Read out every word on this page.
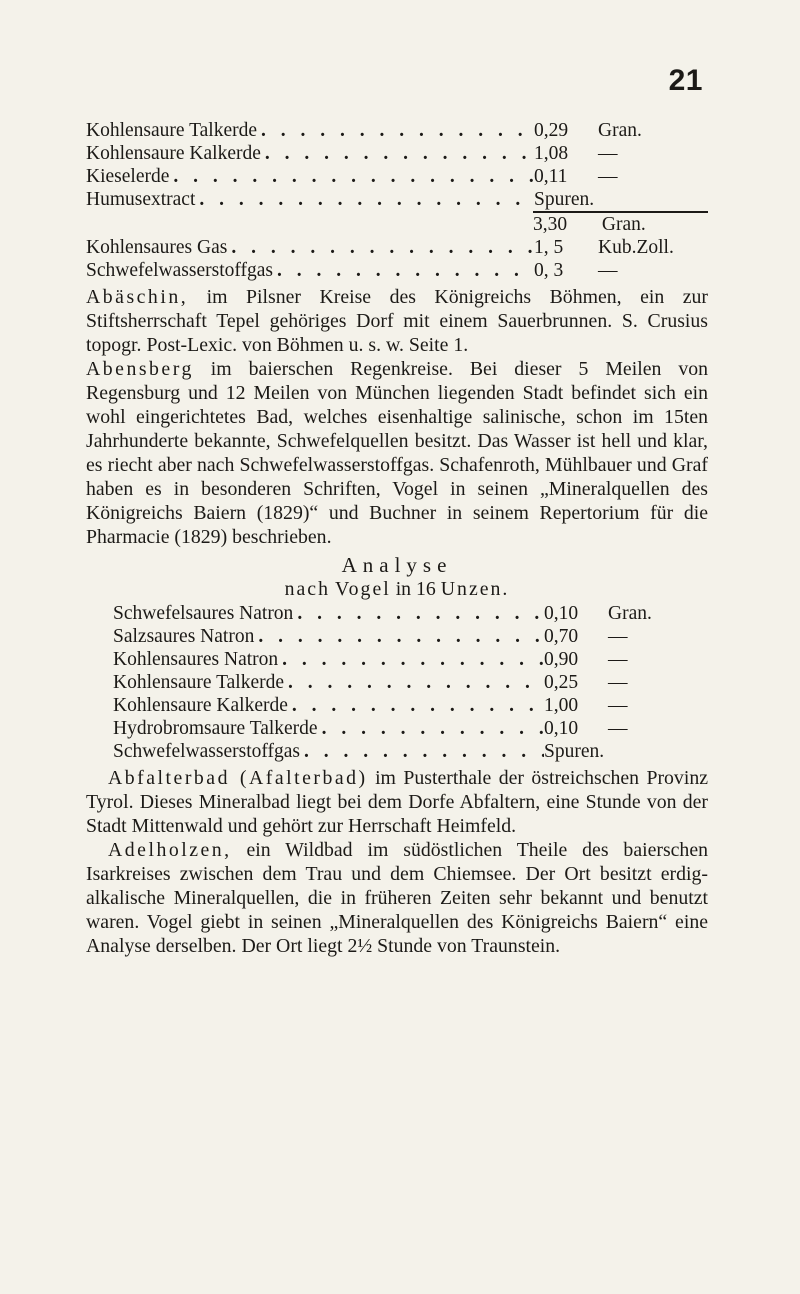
21
Kohlensaure Talkerde . . .	0,29	Gran.
Kohlensaure Kalkerde . . .	1,08	—
Kieselerde . . .	0,11	—
Humusextract . . .	Spuren.
3,30 Gran.
Kohlensaures Gas . . .	1, 5	Kub.Zoll.
Schwefelwasserstoffgas . . .	0, 3	—

Abäschin, im Pilsner Kreise des Königreichs Böhmen, ein zur Stiftsherrschaft Tepel gehöriges Dorf mit einem Sauerbrunnen. S. Crusius topogr. Post-Lexic. von Böhmen u. s. w. Seite 1.

Abensberg im baierschen Regenkreise. Bei dieser 5 Meilen von Regensburg und 12 Meilen von München liegenden Stadt befindet sich ein wohl eingerichtetes Bad, welches eisenhaltige salinische, schon im 15ten Jahrhunderte bekannte, Schwefelquellen besitzt. Das Wasser ist hell und klar, es riecht aber nach Schwefelwasserstoffgas. Schafenroth, Mühlbauer und Graf haben es in besonderen Schriften, Vogel in seinen „Mineralquellen des Königreichs Baiern (1829)“ und Buchner in seinem Repertorium für die Pharmacie (1829) beschrieben.

Analyse

nach Vogel in 16 Unzen.

Schwefelsaures Natron . . .	0,10	Gran.
Salzsaures Natron . . .	0,70	—
Kohlensaures Natron . . .	0,90	—
Kohlensaure Talkerde . . .	0,25	—
Kohlensaure Kalkerde . . .	1,00	—
Hydrobromsaure Talkerde . . .	0,10	—
Schwefelwasserstoffgas . . .	Spuren.

Abfalterbad (Afalterbad) im Pusterthale der östreichschen Provinz Tyrol. Dieses Mineralbad liegt bei dem Dorfe Abfaltern, eine Stunde von der Stadt Mittenwald und gehört zur Herrschaft Heimfeld.

Adelholzen, ein Wildbad im südöstlichen Theile des baierschen Isarkreises zwischen dem Trau und dem Chiemsee. Der Ort besitzt erdig-alkalische Mineralquellen, die in früheren Zeiten sehr bekannt und benutzt waren. Vogel giebt in seinen „Mineralquellen des Königreichs Baiern“ eine Analyse derselben. Der Ort liegt 2½ Stunde von Traunstein.
